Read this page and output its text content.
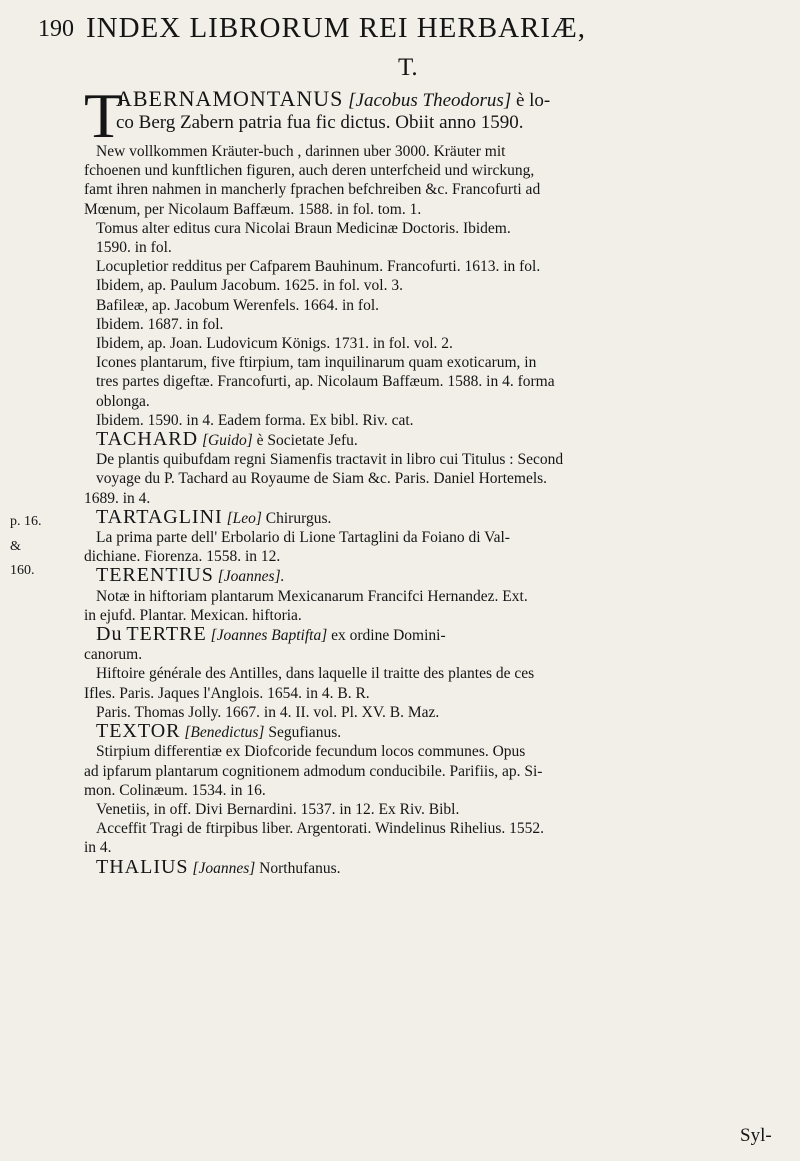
190 INDEX LIBRORUM REI HERBARIÆ,
T.
p. 16. & 160.
T

ABERNAMONTANUS [Jacobus Theodorus] è lo-

co Berg Zabern patria fua fic dictus. Obiit anno 1590.

New vollkommen Kräuter-buch , darinnen uber 3000. Kräuter mit

fchoenen und kunftlichen figuren, auch deren unterfcheid und wirckung,

famt ihren nahmen in mancherly fprachen befchreiben &c. Francofurti ad

Mœnum, per Nicolaum Baffæum. 1588. in fol. tom. 1.

Tomus alter editus cura Nicolai Braun Medicinæ Doctoris. Ibidem.

1590. in fol.

Locupletior redditus per Cafparem Bauhinum. Francofurti. 1613. in fol.

Ibidem, ap. Paulum Jacobum. 1625. in fol. vol. 3.

Bafileæ, ap. Jacobum Werenfels. 1664. in fol.

Ibidem. 1687. in fol.

Ibidem, ap. Joan. Ludovicum Königs. 1731. in fol. vol. 2.

Icones plantarum, five ftirpium, tam inquilinarum quam exoticarum, in

tres partes digeftæ. Francofurti, ap. Nicolaum Baffæum. 1588. in 4. forma

oblonga.

Ibidem. 1590. in 4. Eadem forma. Ex bibl. Riv. cat.

TACHARD [Guido] è Societate Jefu.

De plantis quibufdam regni Siamenfis tractavit in libro cui Titulus : Second

voyage du P. Tachard au Royaume de Siam &c. Paris. Daniel Hortemels.

1689. in 4.

TARTAGLINI [Leo] Chirurgus.

La prima parte dell' Erbolario di Lione Tartaglini da Foiano di Val-

dichiane. Fiorenza. 1558. in 12.

TERENTIUS [Joannes].

Notæ in hiftoriam plantarum Mexicanarum Francifci Hernandez. Ext.

in ejufd. Plantar. Mexican. hiftoria.

Du TERTRE [Joannes Baptifta] ex ordine Domini-

canorum.

Hiftoire générale des Antilles, dans laquelle il traitte des plantes de ces

Ifles. Paris. Jaques l'Anglois. 1654. in 4. B. R.

Paris. Thomas Jolly. 1667. in 4. II. vol. Pl. XV. B. Maz.

TEXTOR [Benedictus] Segufianus.

Stirpium differentiæ ex Diofcoride fecundum locos communes. Opus

ad ipfarum plantarum cognitionem admodum conducibile. Parifiis, ap. Si-

mon. Colinæum. 1534. in 16.

Venetiis, in off. Divi Bernardini. 1537. in 12. Ex Riv. Bibl.

Acceffit Tragi de ftirpibus liber. Argentorati. Windelinus Rihelius. 1552.

in 4.

THALIUS [Joannes] Northufanus.

Syl-
